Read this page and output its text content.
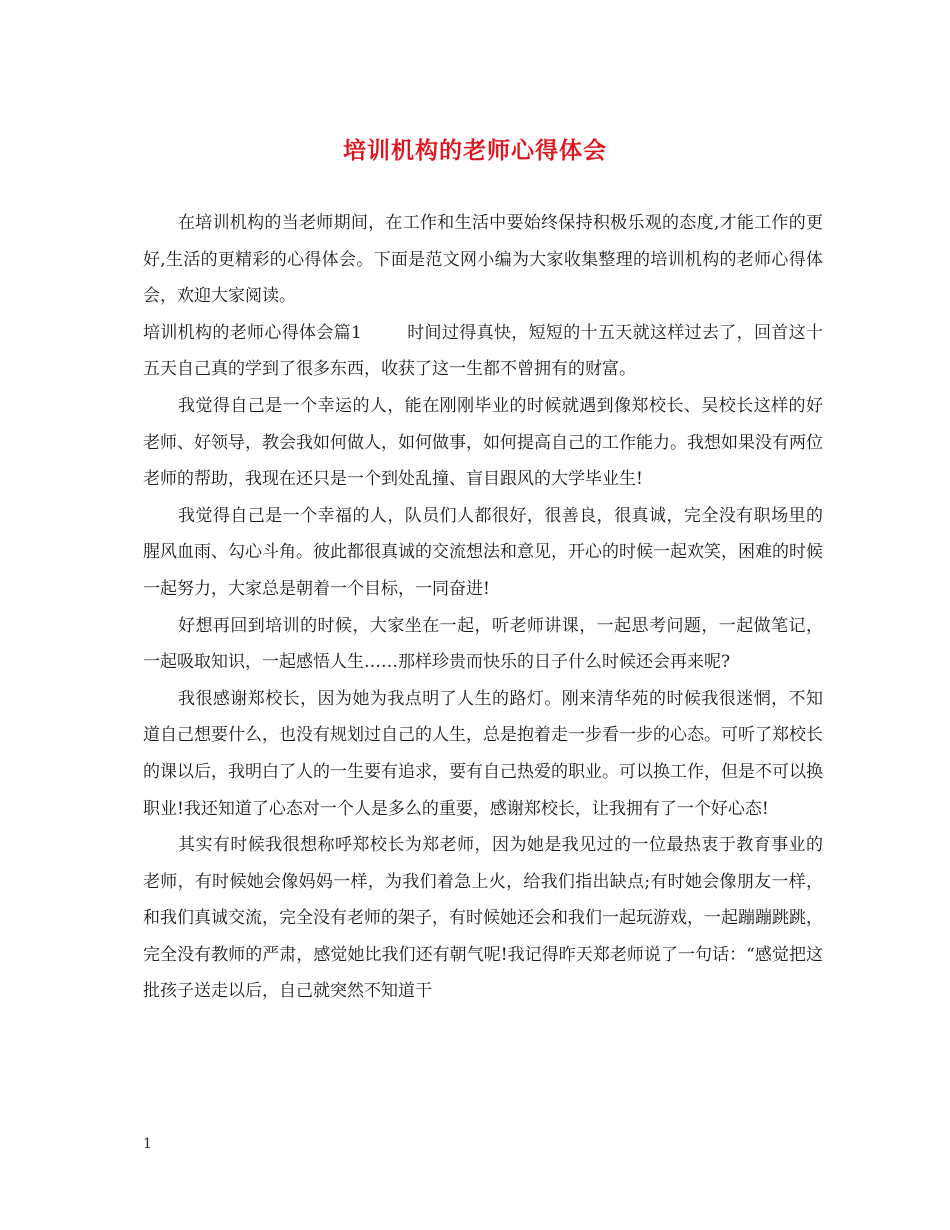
培训机构的老师心得体会

在培训机构的当老师期间，在工作和生活中要始终保持积极乐观的态度,才能工作的更好,生活的更精彩的心得体会。下面是范文网小编为大家收集整理的培训机构的老师心得体会，欢迎大家阅读。

培训机构的老师心得体会篇1	时间过得真快，短短的十五天就这样过去了，回首这十五天自己真的学到了很多东西，收获了这一生都不曾拥有的财富。

我觉得自己是一个幸运的人，能在刚刚毕业的时候就遇到像郑校长、吴校长这样的好老师、好领导，教会我如何做人，如何做事，如何提高自己的工作能力。我想如果没有两位老师的帮助，我现在还只是一个到处乱撞、盲目跟风的大学毕业生!

我觉得自己是一个幸福的人，队员们人都很好，很善良，很真诚，完全没有职场里的腥风血雨、勾心斗角。彼此都很真诚的交流想法和意见，开心的时候一起欢笑，困难的时候一起努力，大家总是朝着一个目标，一同奋进!

好想再回到培训的时候，大家坐在一起，听老师讲课，一起思考问题，一起做笔记，一起吸取知识，一起感悟人生……那样珍贵而快乐的日子什么时候还会再来呢?

我很感谢郑校长，因为她为我点明了人生的路灯。刚来清华苑的时候我很迷惘，不知道自己想要什么，也没有规划过自己的人生，总是抱着走一步看一步的心态。可听了郑校长的课以后，我明白了人的一生要有追求，要有自己热爱的职业。可以换工作，但是不可以换职业!我还知道了心态对一个人是多么的重要，感谢郑校长，让我拥有了一个好心态!

其实有时候我很想称呼郑校长为郑老师，因为她是我见过的一位最热衷于教育事业的老师，有时候她会像妈妈一样，为我们着急上火，给我们指出缺点;有时她会像朋友一样，和我们真诚交流，完全没有老师的架子，有时候她还会和我们一起玩游戏，一起蹦蹦跳跳，完全没有教师的严肃，感觉她比我们还有朝气呢!我记得昨天郑老师说了一句话：“感觉把这批孩子送走以后，自己就突然不知道干

1
